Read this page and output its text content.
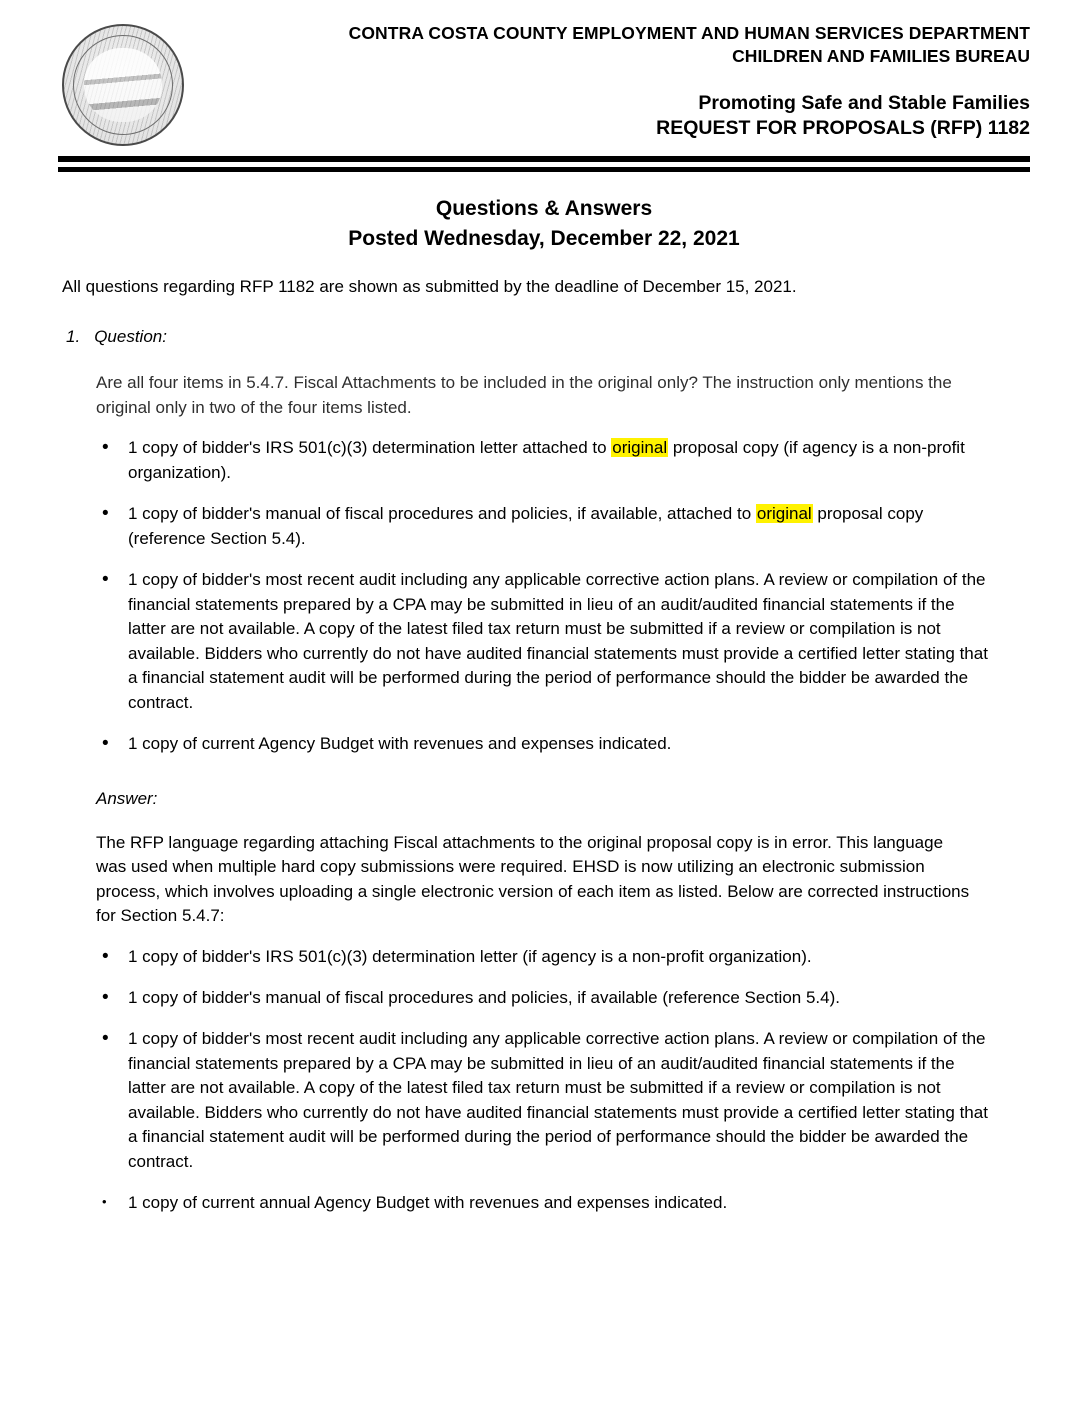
CONTRA COSTA COUNTY EMPLOYMENT AND HUMAN SERVICES DEPARTMENT
CHILDREN AND FAMILIES BUREAU
Promoting Safe and Stable Families
REQUEST FOR PROPOSALS (RFP) 1182
Questions & Answers
Posted Wednesday, December 22, 2021
All questions regarding RFP 1182 are shown as submitted by the deadline of December 15, 2021.
1. Question:
Are all four items in 5.4.7. Fiscal Attachments to be included in the original only? The instruction only mentions the original only in two of the four items listed.
• 1 copy of bidder's IRS 501(c)(3) determination letter attached to original proposal copy (if agency is a non-profit organization).
• 1 copy of bidder's manual of fiscal procedures and policies, if available, attached to original proposal copy (reference Section 5.4).
• 1 copy of bidder's most recent audit including any applicable corrective action plans. A review or compilation of the financial statements prepared by a CPA may be submitted in lieu of an audit/audited financial statements if the latter are not available. A copy of the latest filed tax return must be submitted if a review or compilation is not available. Bidders who currently do not have audited financial statements must provide a certified letter stating that a financial statement audit will be performed during the period of performance should the bidder be awarded the contract.
• 1 copy of current Agency Budget with revenues and expenses indicated.
Answer:
The RFP language regarding attaching Fiscal attachments to the original proposal copy is in error. This language was used when multiple hard copy submissions were required. EHSD is now utilizing an electronic submission process, which involves uploading a single electronic version of each item as listed. Below are corrected instructions for Section 5.4.7:
• 1 copy of bidder's IRS 501(c)(3) determination letter (if agency is a non-profit organization).
• 1 copy of bidder's manual of fiscal procedures and policies, if available (reference Section 5.4).
• 1 copy of bidder's most recent audit including any applicable corrective action plans. A review or compilation of the financial statements prepared by a CPA may be submitted in lieu of an audit/audited financial statements if the latter are not available. A copy of the latest filed tax return must be submitted if a review or compilation is not available. Bidders who currently do not have audited financial statements must provide a certified letter stating that a financial statement audit will be performed during the period of performance should the bidder be awarded the contract.
• 1 copy of current annual Agency Budget with revenues and expenses indicated.
